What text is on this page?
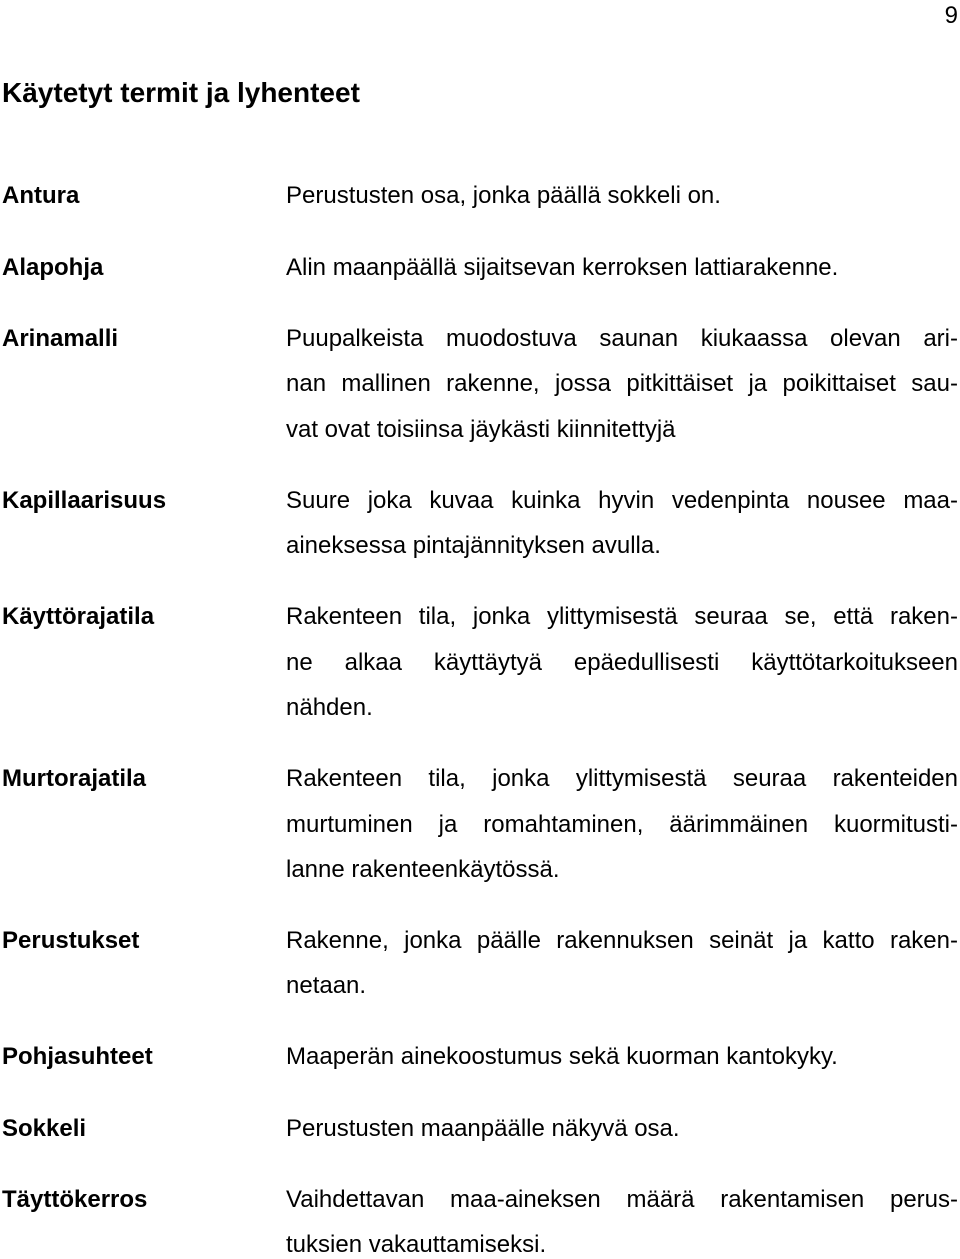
9
Käytetyt termit ja lyhenteet
Antura	Perustusten osa, jonka päällä sokkeli on.
Alapohja	Alin maanpäällä sijaitsevan kerroksen lattiarakenne.
Arinamalli	Puupalkeista muodostuva saunan kiukaassa olevan ari-
nan mallinen rakenne, jossa pitkittäiset ja poikittaiset sau-
vat ovat toisiinsa jäykästi kiinnitettyjä
Kapillaarisuus	Suure joka kuvaa kuinka hyvin vedenpinta nousee maa-
aineksessa pintajännityksen avulla.
Käyttörajatila	Rakenteen tila, jonka ylittymisestä seuraa se, että raken-
ne alkaa käyttäytyä epäedullisesti käyttötarkoitukseen
nähden.
Murtorajatila	Rakenteen tila, jonka ylittymisestä seuraa rakenteiden
murtuminen ja romahtaminen, äärimmäinen kuormitusti-
lanne rakenteenkäytössä.
Perustukset	Rakenne, jonka päälle rakennuksen seinät ja katto raken-
netaan.
Pohjasuhteet	Maaperän ainekoostumus sekä kuorman kantokyky.
Sokkeli	Perustusten maanpäälle näkyvä osa.
Täyttökerros	Vaihdettavan maa-aineksen määrä rakentamisen perus-
tuksien vakauttamiseksi.
